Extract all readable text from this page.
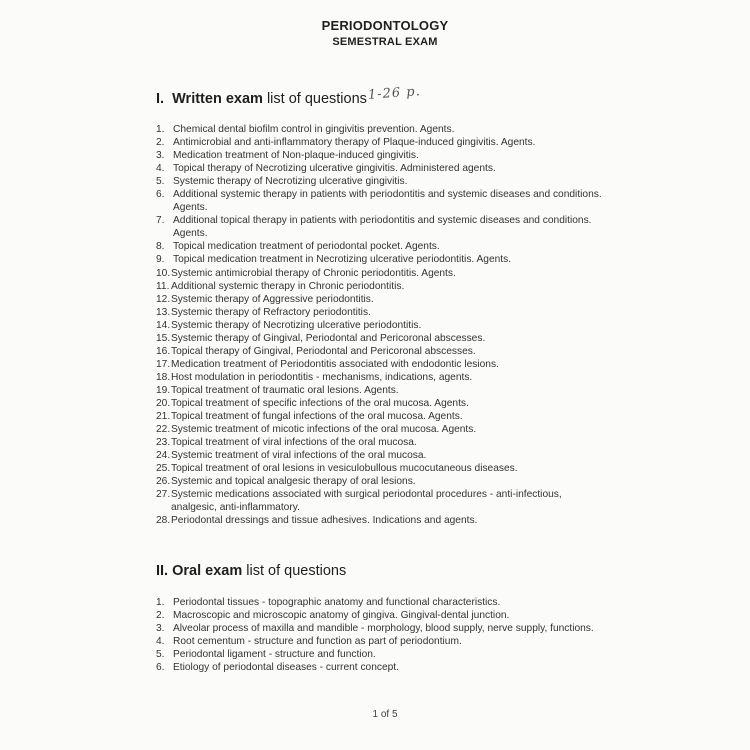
PERIODONTOLOGY
SEMESTRAL EXAM
I. Written exam list of questions 1-26 p.
1. Chemical dental biofilm control in gingivitis prevention. Agents.
2. Antimicrobial and anti-inflammatory therapy of Plaque-induced gingivitis. Agents.
3. Medication treatment of Non-plaque-induced gingivitis.
4. Topical therapy of Necrotizing ulcerative gingivitis. Administered agents.
5. Systemic therapy of Necrotizing ulcerative gingivitis.
6. Additional systemic therapy in patients with periodontitis and systemic diseases and conditions. Agents.
7. Additional topical therapy in patients with periodontitis and systemic diseases and conditions. Agents.
8. Topical medication treatment of periodontal pocket. Agents.
9. Topical medication treatment in Necrotizing ulcerative periodontitis. Agents.
10. Systemic antimicrobial therapy of Chronic periodontitis. Agents.
11. Additional systemic therapy in Chronic periodontitis.
12. Systemic therapy of Aggressive periodontitis.
13. Systemic therapy of Refractory periodontitis.
14. Systemic therapy of Necrotizing ulcerative periodontitis.
15. Systemic therapy of Gingival, Periodontal and Pericoronal abscesses.
16. Topical therapy of Gingival, Periodontal and Pericoronal abscesses.
17. Medication treatment of Periodontitis associated with endodontic lesions.
18. Host modulation in periodontitis - mechanisms, indications, agents.
19. Topical treatment of traumatic oral lesions. Agents.
20. Topical treatment of specific infections of the oral mucosa. Agents.
21. Topical treatment of fungal infections of the oral mucosa. Agents.
22. Systemic treatment of micotic infections of the oral mucosa. Agents.
23. Topical treatment of viral infections of the oral mucosa.
24. Systemic treatment of viral infections of the oral mucosa.
25. Topical treatment of oral lesions in vesiculobullous mucocutaneous diseases.
26. Systemic and topical analgesic therapy of oral lesions.
27. Systemic medications associated with surgical periodontal procedures - anti-infectious, analgesic, anti-inflammatory.
28. Periodontal dressings and tissue adhesives. Indications and agents.
II. Oral exam list of questions
1. Periodontal tissues - topographic anatomy and functional characteristics.
2. Macroscopic and microscopic anatomy of gingiva. Gingival-dental junction.
3. Alveolar process of maxilla and mandible - morphology, blood supply, nerve supply, functions.
4. Root cementum - structure and function as part of periodontium.
5. Periodontal ligament - structure and function.
6. Etiology of periodontal diseases - current concept.
1 of 5
